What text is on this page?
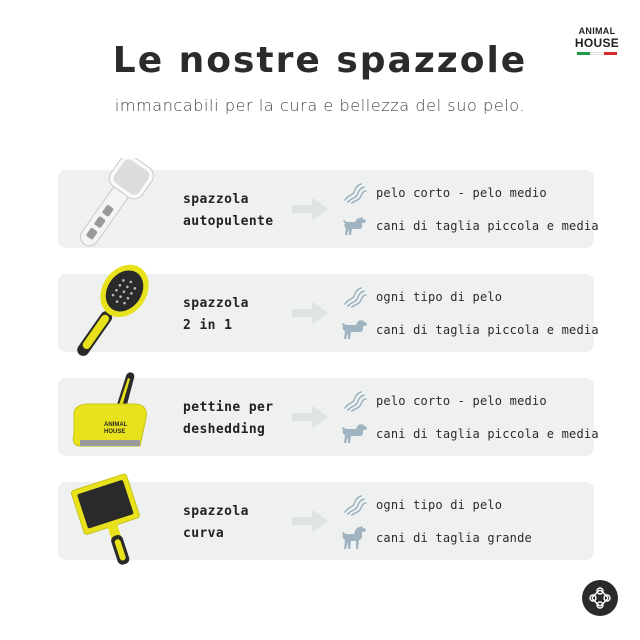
ANIMAL
HOUSE
Le nostre spazzole
immancabili per la cura e bellezza del suo pelo.
spazzola
autopulente
pelo corto - pelo medio
cani di taglia piccola e media
spazzola
2 in 1
ogni tipo di pelo
cani di taglia piccola e media
ANIMAL
HOUSE
pettine per
deshedding
pelo corto - pelo medio
cani di taglia piccola e media
spazzola
curva
ogni tipo di pelo
cani di taglia grande
